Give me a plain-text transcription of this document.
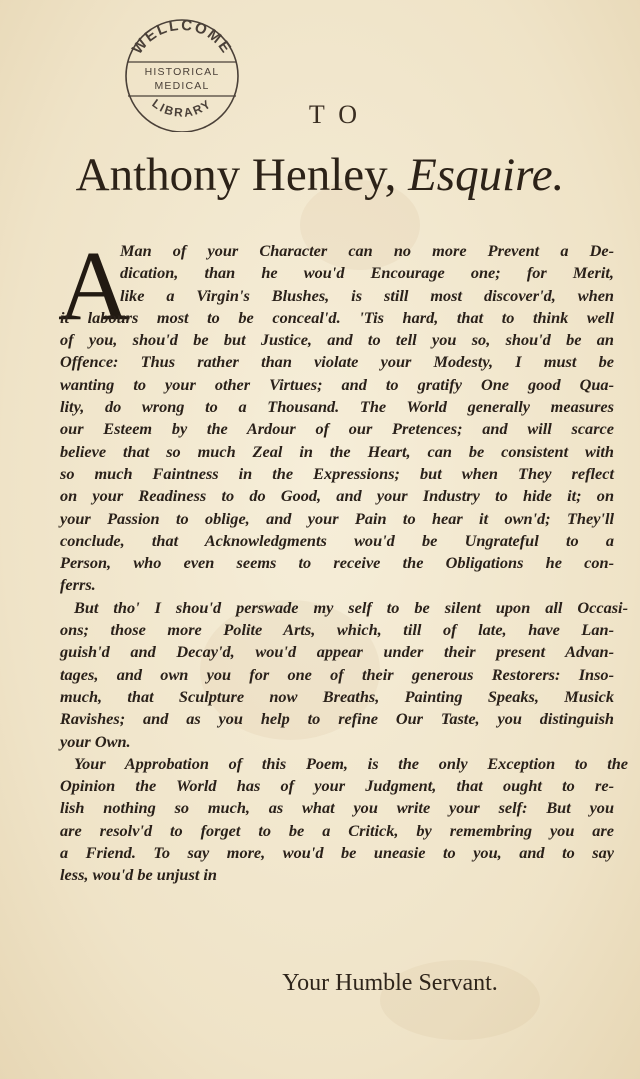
WELLCOME
HISTORICAL
MEDICAL
LIBRARY	TO
Anthony Henley, Esquire.
A
Man of your Character can no more Prevent a De-
dication, than he wou'd Encourage one; for Merit,
like a Virgin's Blushes, is still most discover'd, when
it labours most to be conceal'd. 'Tis hard, that to think well
of you, shou'd be but Justice, and to tell you so, shou'd be an
Offence: Thus rather than violate your Modesty, I must be
wanting to your other Virtues; and to gratify One good Qua-
lity, do wrong to a Thousand. The World generally measures
our Esteem by the Ardour of our Pretences; and will scarce
believe that so much Zeal in the Heart, can be consistent with
so much Faintness in the Expressions; but when They reflect
on your Readiness to do Good, and your Industry to hide it; on
your Passion to oblige, and your Pain to hear it own'd; They'll
conclude, that Acknowledgments wou'd be Ungrateful to a
Person, who even seems to receive the Obligations he con-
ferrs.
But tho' I shou'd perswade my self to be silent upon all Occasi-
ons; those more Polite Arts, which, till of late, have Lan-
guish'd and Decay'd, wou'd appear under their present Advan-
tages, and own you for one of their generous Restorers: Inso-
much, that Sculpture now Breaths, Painting Speaks, Musick
Ravishes; and as you help to refine Our Taste, you distinguish
your Own.
Your Approbation of this Poem, is the only Exception to the
Opinion the World has of your Judgment, that ought to re-
lish nothing so much, as what you write your self: But you
are resolv'd to forget to be a Critick, by remembring you are
a Friend. To say more, wou'd be uneasie to you, and to say
less, wou'd be unjust in
Your Humble Servant.
